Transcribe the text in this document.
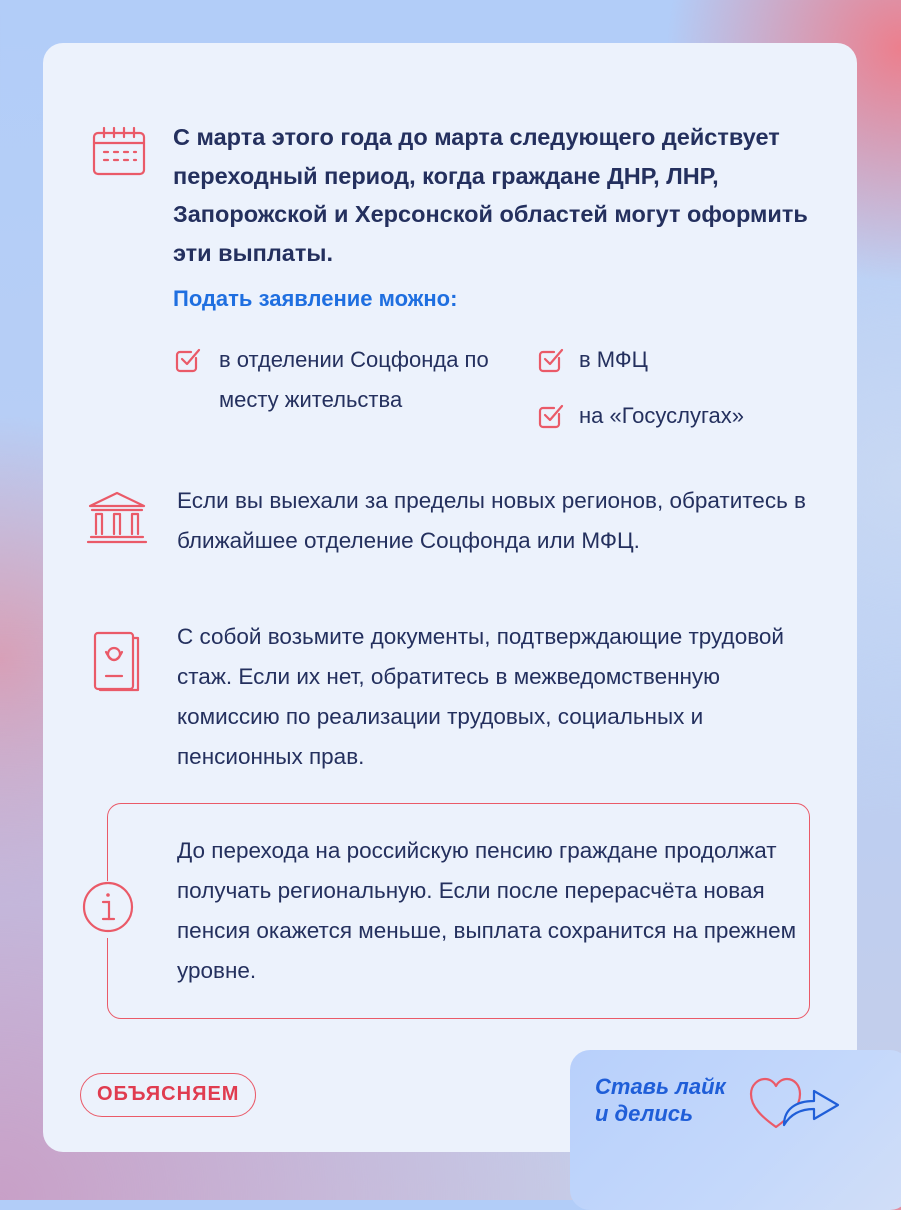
С марта этого года до марта следующего действует переходный период, когда граждане ДНР, ЛНР, Запорожской и Херсонской областей могут оформить эти выплаты.
Подать заявление можно:
в отделении Соцфонда по месту жительства
в МФЦ
на «Госуслугах»
Если вы выехали за пределы новых регионов, обратитесь в ближайшее отделение Соцфонда или МФЦ.
С собой возьмите документы, подтверждающие трудовой стаж. Если их нет, обратитесь в межведомственную комиссию по реализации трудовых, социальных и пенсионных прав.
До перехода на российскую пенсию граждане продолжат получать региональную. Если после перерасчёта новая пенсия окажется меньше, выплата сохранится на прежнем уровне.
ОБЪЯСНЯЕМ	Ставь лайк
и делись
